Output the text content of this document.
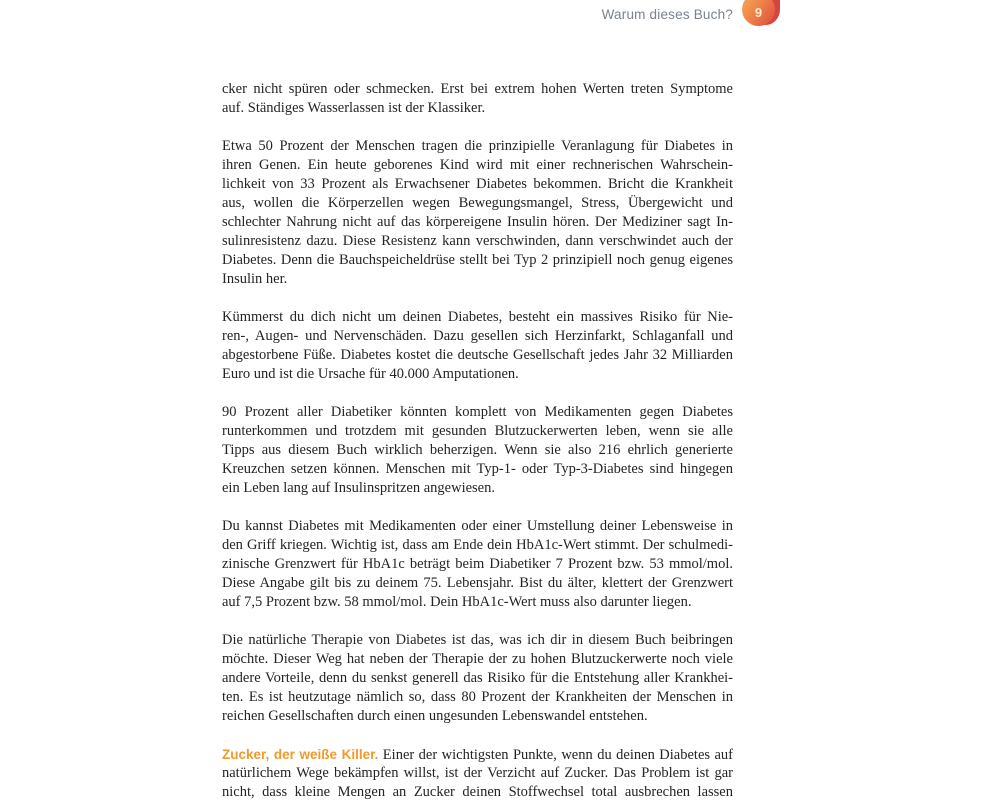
Warum dieses Buch? 9
cker nicht spüren oder schmecken. Erst bei extrem hohen Werten treten Symptome
auf. Ständiges Wasserlassen ist der Klassiker.
Etwa 50 Prozent der Menschen tragen die prinzipielle Veranlagung für Diabetes in
ihren Genen. Ein heute geborenes Kind wird mit einer rechnerischen Wahrschein-
lichkeit von 33 Prozent als Erwachsener Diabetes bekommen. Bricht die Krankheit
aus, wollen die Körperzellen wegen Bewegungsmangel, Stress, Übergewicht und
schlechter Nahrung nicht auf das körpereigene Insulin hören. Der Mediziner sagt In-
sulinresistenz dazu. Diese Resistenz kann verschwinden, dann verschwindet auch der
Diabetes. Denn die Bauchspeicheldrüse stellt bei Typ 2 prinzipiell noch genug eigenes
Insulin her.
Kümmerst du dich nicht um deinen Diabetes, besteht ein massives Risiko für Nie-
ren-, Augen- und Nervenschäden. Dazu gesellen sich Herzinfarkt, Schlaganfall und
abgestorbene Füße. Diabetes kostet die deutsche Gesellschaft jedes Jahr 32 Milliarden
Euro und ist die Ursache für 40.000 Amputationen.
90 Prozent aller Diabetiker könnten komplett von Medikamenten gegen Diabetes
runterkommen und trotzdem mit gesunden Blutzuckerwerten leben, wenn sie alle
Tipps aus diesem Buch wirklich beherzigen. Wenn sie also 216 ehrlich generierte
Kreuzchen setzen können. Menschen mit Typ-1- oder Typ-3-Diabetes sind hingegen
ein Leben lang auf Insulinspritzen angewiesen.
Du kannst Diabetes mit Medikamenten oder einer Umstellung deiner Lebensweise in
den Griff kriegen. Wichtig ist, dass am Ende dein HbA1c-Wert stimmt. Der schulmedi-
zinische Grenzwert für HbA1c beträgt beim Diabetiker 7 Prozent bzw. 53 mmol/mol.
Diese Angabe gilt bis zu deinem 75. Lebensjahr. Bist du älter, klettert der Grenzwert
auf 7,5 Prozent bzw. 58 mmol/mol. Dein HbA1c-Wert muss also darunter liegen.
Die natürliche Therapie von Diabetes ist das, was ich dir in diesem Buch beibringen
möchte. Dieser Weg hat neben der Therapie der zu hohen Blutzuckerwerte noch viele
andere Vorteile, denn du senkst generell das Risiko für die Entstehung aller Krankhei-
ten. Es ist heutzutage nämlich so, dass 80 Prozent der Krankheiten der Menschen in
reichen Gesellschaften durch einen ungesunden Lebenswandel entstehen.
Zucker, der weiße Killer. Einer der wichtigsten Punkte, wenn du deinen Diabetes auf
natürlichem Wege bekämpfen willst, ist der Verzicht auf Zucker. Das Problem ist gar
nicht, dass kleine Mengen an Zucker deinen Stoffwechsel total ausbrechen lassen
